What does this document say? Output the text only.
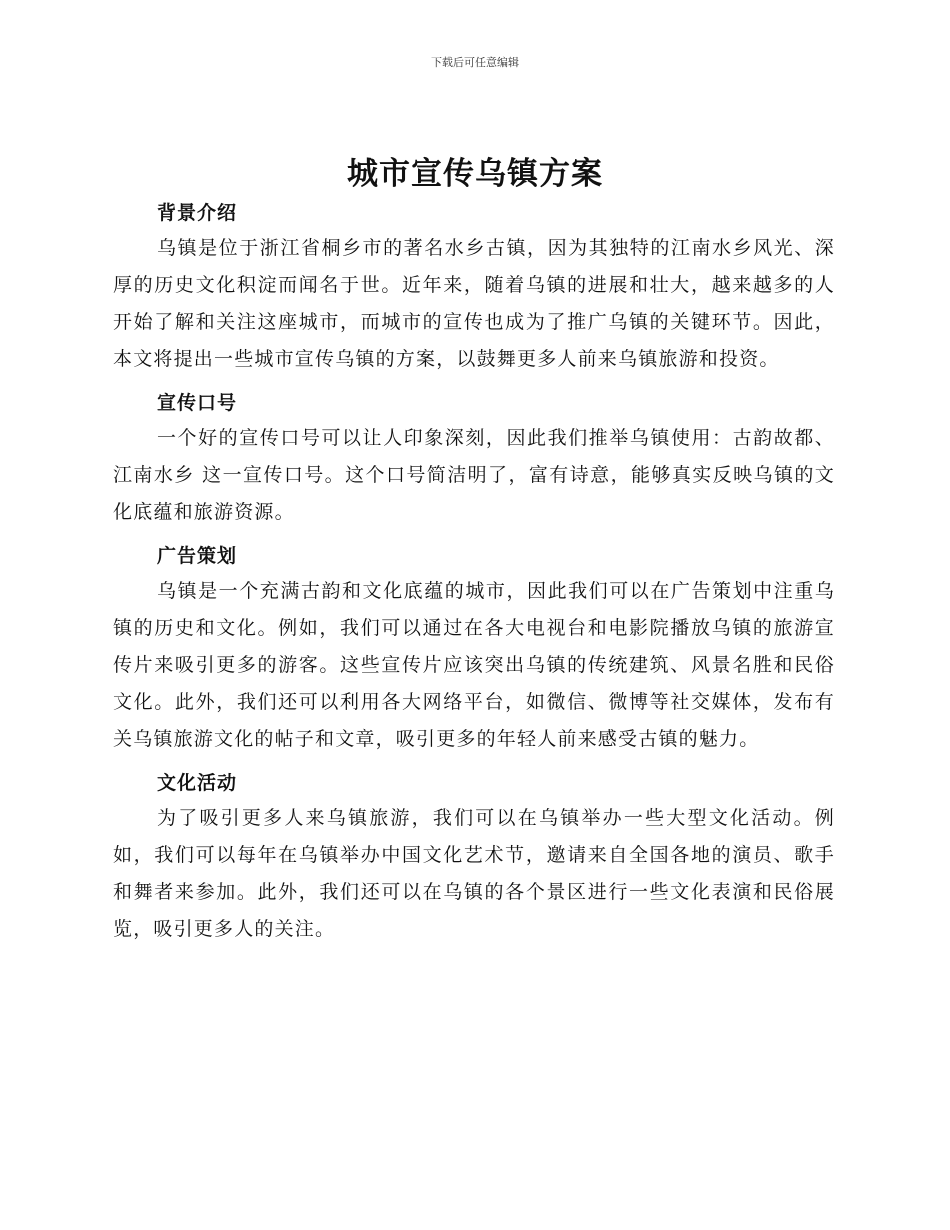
下载后可任意编辑
城市宣传乌镇方案
背景介绍

乌镇是位于浙江省桐乡市的著名水乡古镇，因为其独特的江南水乡风光、深厚的历史文化积淀而闻名于世。近年来，随着乌镇的进展和壮大，越来越多的人开始了解和关注这座城市，而城市的宣传也成为了推广乌镇的关键环节。因此，本文将提出一些城市宣传乌镇的方案，以鼓舞更多人前来乌镇旅游和投资。

宣传口号

一个好的宣传口号可以让人印象深刻，因此我们推举乌镇使用：古韵故都、江南水乡 这一宣传口号。这个口号简洁明了，富有诗意，能够真实反映乌镇的文化底蕴和旅游资源。

广告策划

乌镇是一个充满古韵和文化底蕴的城市，因此我们可以在广告策划中注重乌镇的历史和文化。例如，我们可以通过在各大电视台和电影院播放乌镇的旅游宣传片来吸引更多的游客。这些宣传片应该突出乌镇的传统建筑、风景名胜和民俗文化。此外，我们还可以利用各大网络平台，如微信、微博等社交媒体，发布有关乌镇旅游文化的帖子和文章，吸引更多的年轻人前来感受古镇的魅力。

文化活动

为了吸引更多人来乌镇旅游，我们可以在乌镇举办一些大型文化活动。例如，我们可以每年在乌镇举办中国文化艺术节，邀请来自全国各地的演员、歌手和舞者来参加。此外，我们还可以在乌镇的各个景区进行一些文化表演和民俗展览，吸引更多人的关注。
